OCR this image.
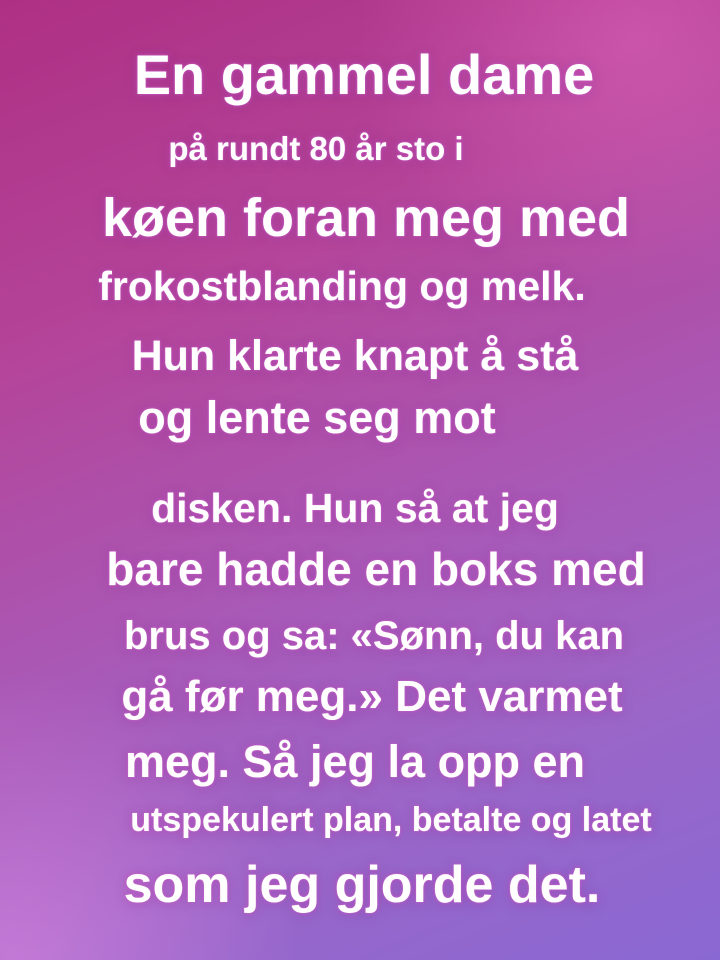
En gammel dame
på rundt 80 år sto i
køen foran meg med
frokostblanding og melk.
Hun klarte knapt å stå
og lente seg mot
disken. Hun så at jeg
bare hadde en boks med
brus og sa: «Sønn, du kan
gå før meg.» Det varmet
meg. Så jeg la opp en
utspekulert plan, betalte og latet
som jeg gjorde det.
